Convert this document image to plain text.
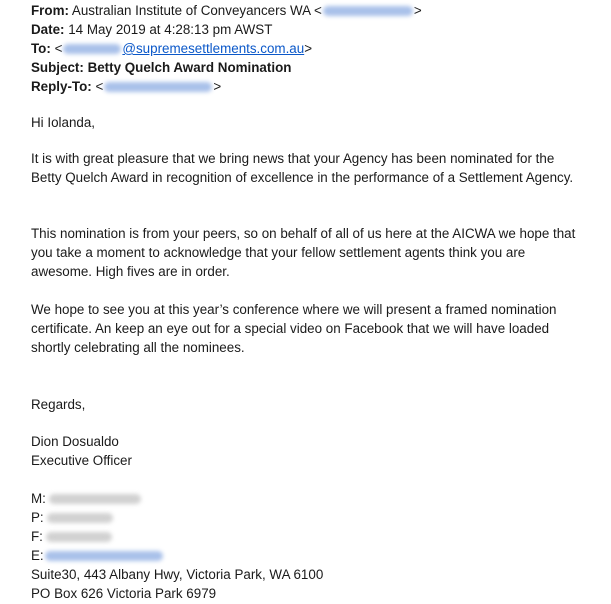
From: Australian Institute of Conveyancers WA <	>
Date: 14 May 2019 at 4:28:13 pm AWST
To: <	@supremesettlements.com.au>
Subject: Betty Quelch Award Nomination
Reply-To: <	>
Hi Iolanda,
It is with great pleasure that we bring news that your Agency has been nominated for the Betty Quelch Award in recognition of excellence in the performance of a Settlement Agency.
This nomination is from your peers, so on behalf of all of us here at the AICWA we hope that you take a moment to acknowledge that your fellow settlement agents think you are awesome. High fives are in order.
We hope to see you at this year’s conference where we will present a framed nomination certificate. An keep an eye out for a special video on Facebook that we will have loaded shortly celebrating all the nominees.
Regards,
Dion Dosualdo
Executive Officer
M:
P:
F:
E:
Suite30, 443 Albany Hwy, Victoria Park, WA 6100
PO Box 626 Victoria Park 6979
